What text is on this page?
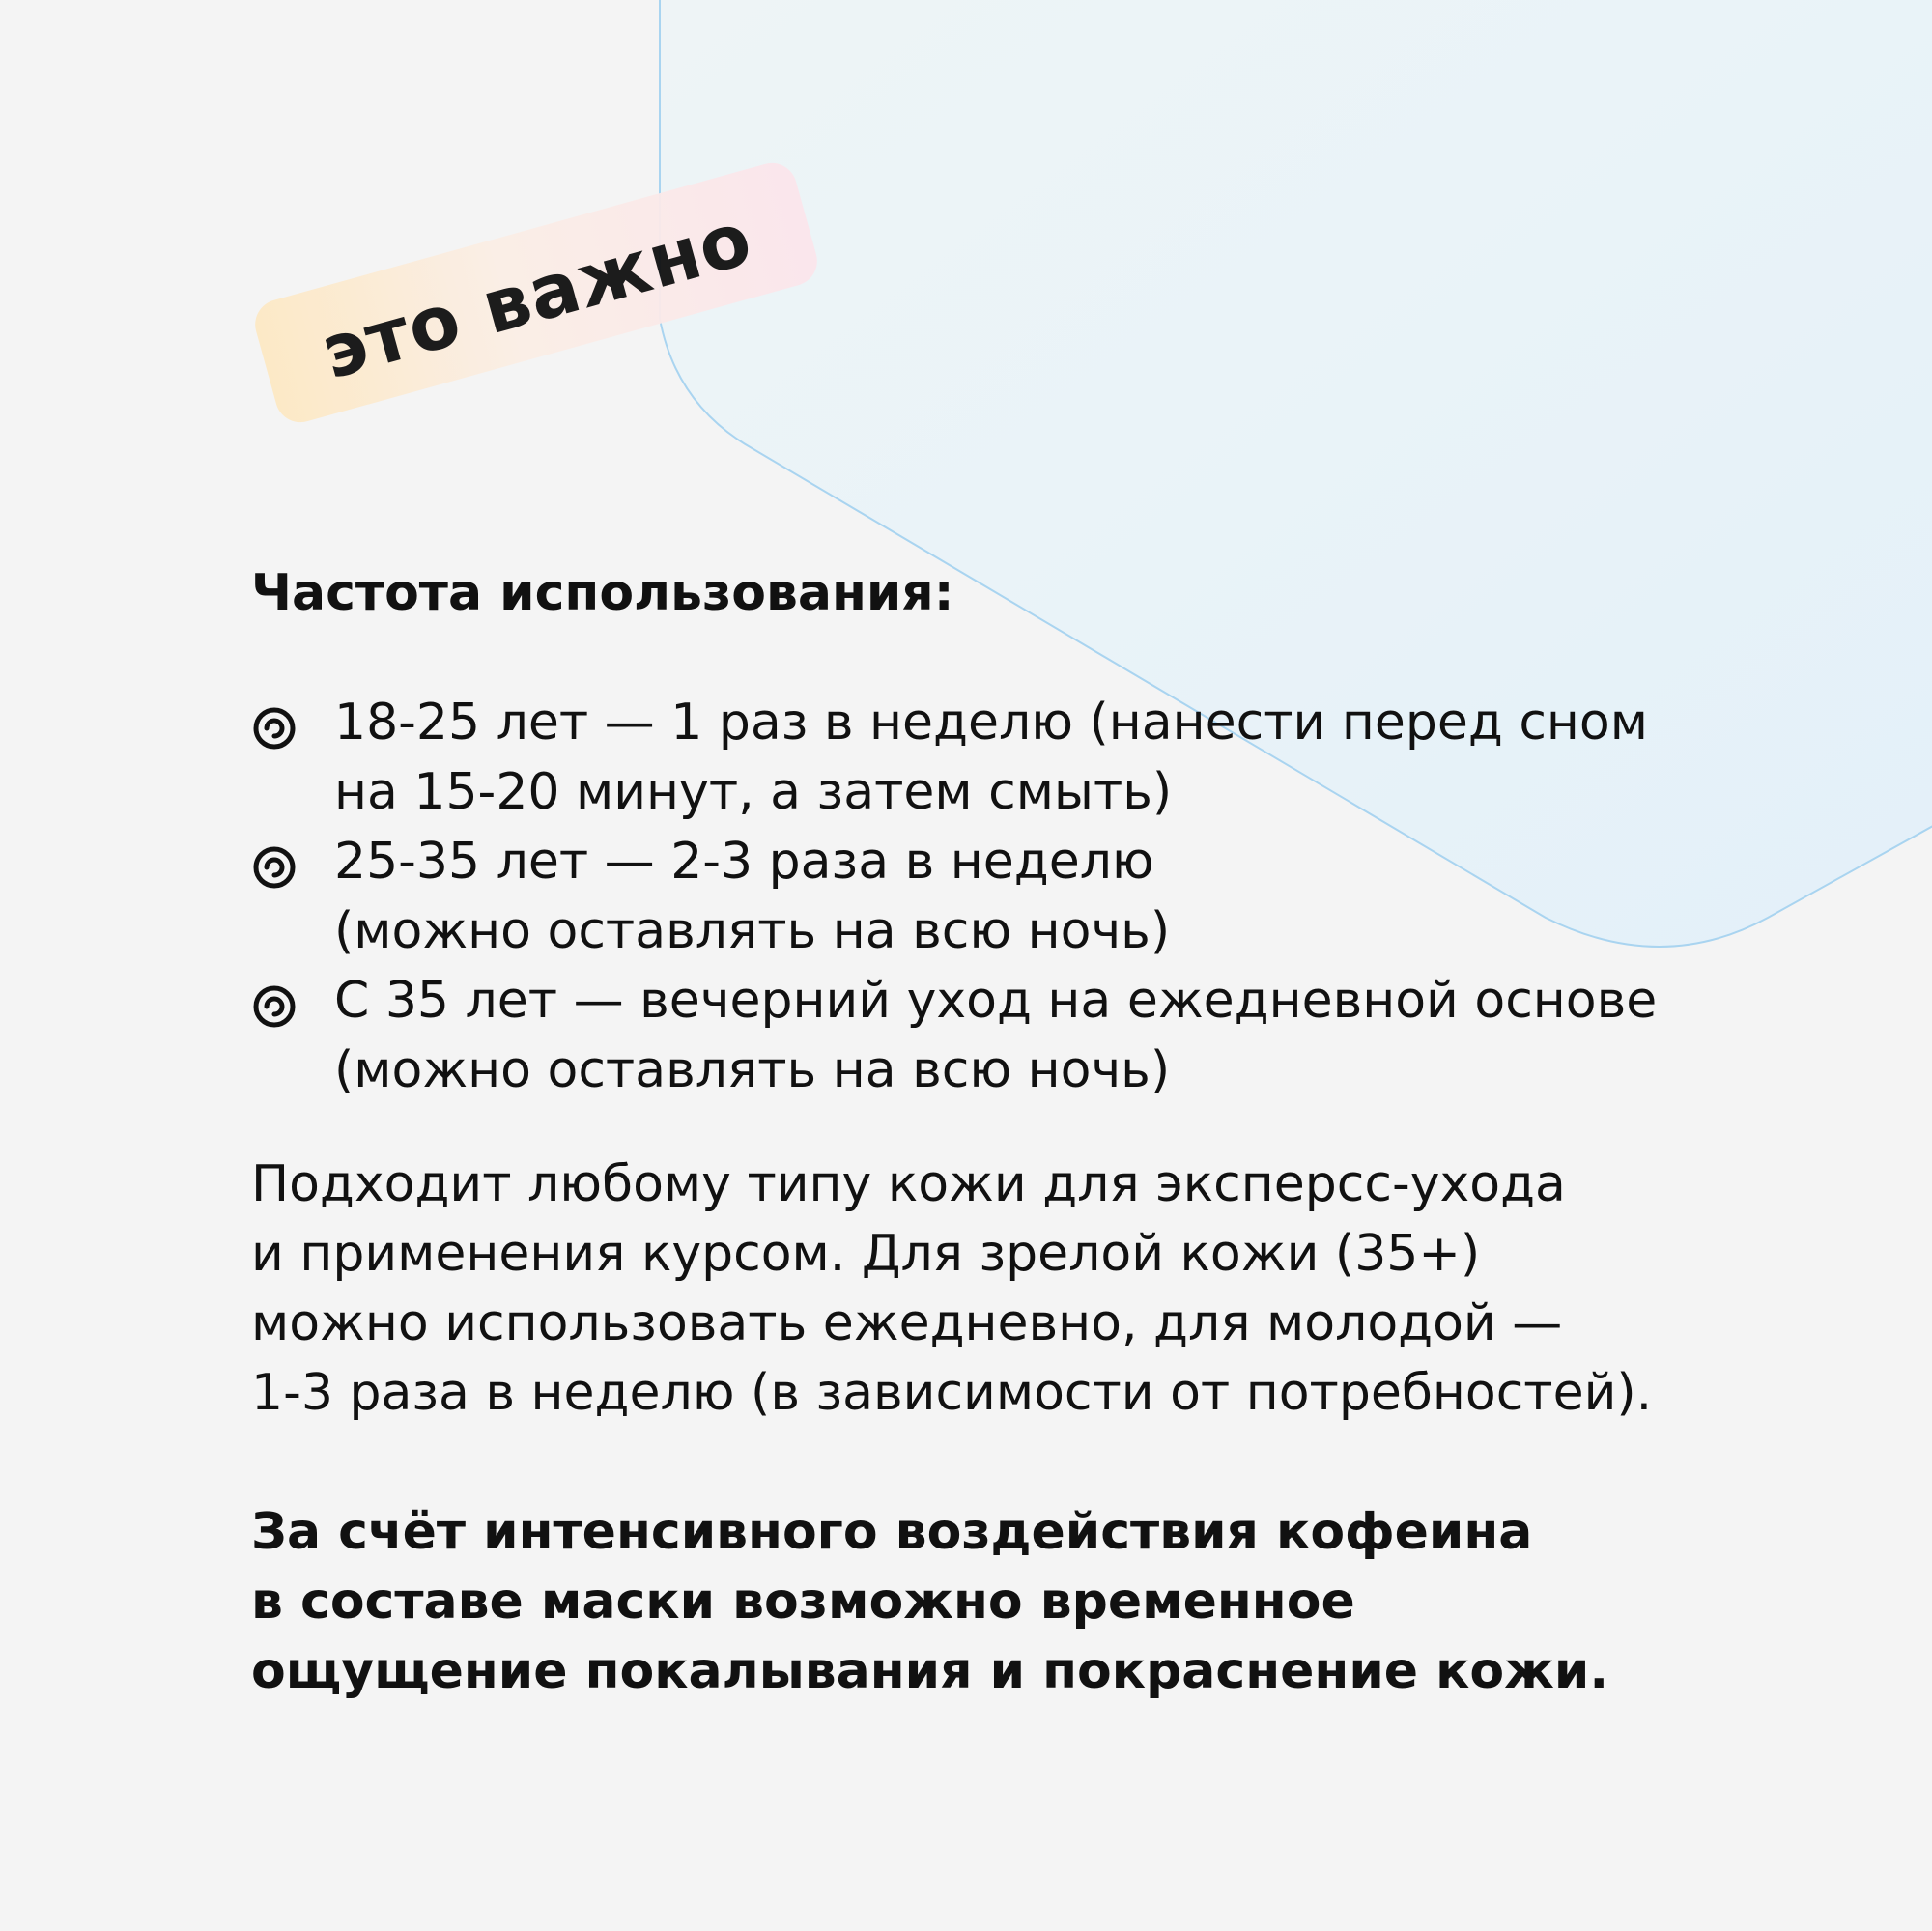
это важно
Частота использования:
18-25 лет — 1 раз в неделю (нанести перед сном
на 15-20 минут, а затем смыть)
25-35 лет — 2-3 раза в неделю
(можно оставлять на всю ночь)
С 35 лет — вечерний уход на ежедневной основе
(можно оставлять на всю ночь)
Подходит любому типу кожи для эксперсс-ухода
и применения курсом. Для зрелой кожи (35+)
можно использовать ежедневно, для молодой —
1-3 раза в неделю (в зависимости от потребностей).
За счёт интенсивного воздействия кофеина
в составе маски возможно временное
ощущение покалывания и покраснение кожи.
